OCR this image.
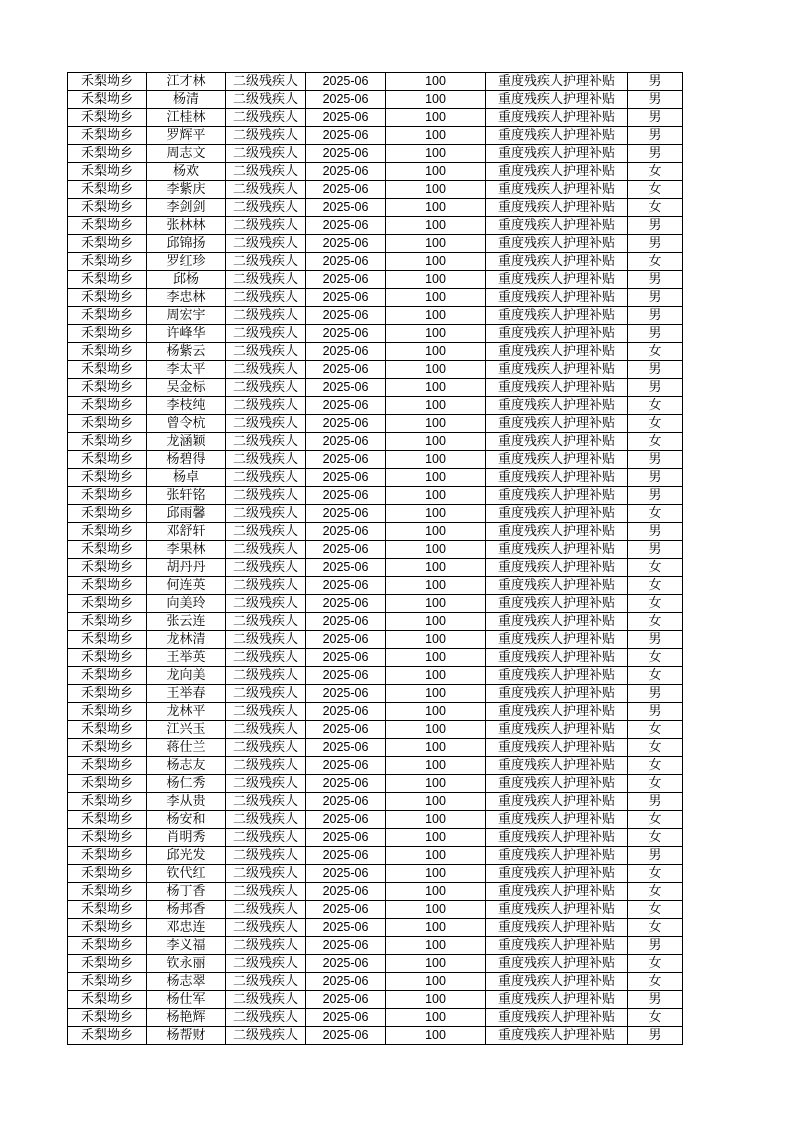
禾梨坳乡	江才林	二级残疾人	2025-06	100	重度残疾人护理补贴	男
禾梨坳乡	杨清	二级残疾人	2025-06	100	重度残疾人护理补贴	男
禾梨坳乡	江桂林	二级残疾人	2025-06	100	重度残疾人护理补贴	男
禾梨坳乡	罗辉平	二级残疾人	2025-06	100	重度残疾人护理补贴	男
禾梨坳乡	周志文	二级残疾人	2025-06	100	重度残疾人护理补贴	男
禾梨坳乡	杨欢	二级残疾人	2025-06	100	重度残疾人护理补贴	女
禾梨坳乡	李紫庆	二级残疾人	2025-06	100	重度残疾人护理补贴	女
禾梨坳乡	李剑剑	二级残疾人	2025-06	100	重度残疾人护理补贴	女
禾梨坳乡	张林林	二级残疾人	2025-06	100	重度残疾人护理补贴	男
禾梨坳乡	邱锦扬	二级残疾人	2025-06	100	重度残疾人护理补贴	男
禾梨坳乡	罗红珍	二级残疾人	2025-06	100	重度残疾人护理补贴	女
禾梨坳乡	邱杨	二级残疾人	2025-06	100	重度残疾人护理补贴	男
禾梨坳乡	李忠林	二级残疾人	2025-06	100	重度残疾人护理补贴	男
禾梨坳乡	周宏宇	二级残疾人	2025-06	100	重度残疾人护理补贴	男
禾梨坳乡	许峰华	二级残疾人	2025-06	100	重度残疾人护理补贴	男
禾梨坳乡	杨紫云	二级残疾人	2025-06	100	重度残疾人护理补贴	女
禾梨坳乡	李太平	二级残疾人	2025-06	100	重度残疾人护理补贴	男
禾梨坳乡	吴金标	二级残疾人	2025-06	100	重度残疾人护理补贴	男
禾梨坳乡	李枝纯	二级残疾人	2025-06	100	重度残疾人护理补贴	女
禾梨坳乡	曾令杭	二级残疾人	2025-06	100	重度残疾人护理补贴	女
禾梨坳乡	龙涵颖	二级残疾人	2025-06	100	重度残疾人护理补贴	女
禾梨坳乡	杨碧得	二级残疾人	2025-06	100	重度残疾人护理补贴	男
禾梨坳乡	杨卓	二级残疾人	2025-06	100	重度残疾人护理补贴	男
禾梨坳乡	张轩铭	二级残疾人	2025-06	100	重度残疾人护理补贴	男
禾梨坳乡	邱雨馨	二级残疾人	2025-06	100	重度残疾人护理补贴	女
禾梨坳乡	邓舒轩	二级残疾人	2025-06	100	重度残疾人护理补贴	男
禾梨坳乡	李果林	二级残疾人	2025-06	100	重度残疾人护理补贴	男
禾梨坳乡	胡丹丹	二级残疾人	2025-06	100	重度残疾人护理补贴	女
禾梨坳乡	何连英	二级残疾人	2025-06	100	重度残疾人护理补贴	女
禾梨坳乡	向美玲	二级残疾人	2025-06	100	重度残疾人护理补贴	女
禾梨坳乡	张云连	二级残疾人	2025-06	100	重度残疾人护理补贴	女
禾梨坳乡	龙林清	二级残疾人	2025-06	100	重度残疾人护理补贴	男
禾梨坳乡	王举英	二级残疾人	2025-06	100	重度残疾人护理补贴	女
禾梨坳乡	龙向美	二级残疾人	2025-06	100	重度残疾人护理补贴	女
禾梨坳乡	王举春	二级残疾人	2025-06	100	重度残疾人护理补贴	男
禾梨坳乡	龙林平	二级残疾人	2025-06	100	重度残疾人护理补贴	男
禾梨坳乡	江兴玉	二级残疾人	2025-06	100	重度残疾人护理补贴	女
禾梨坳乡	蒋仕兰	二级残疾人	2025-06	100	重度残疾人护理补贴	女
禾梨坳乡	杨志友	二级残疾人	2025-06	100	重度残疾人护理补贴	女
禾梨坳乡	杨仁秀	二级残疾人	2025-06	100	重度残疾人护理补贴	女
禾梨坳乡	李从贵	二级残疾人	2025-06	100	重度残疾人护理补贴	男
禾梨坳乡	杨安和	二级残疾人	2025-06	100	重度残疾人护理补贴	女
禾梨坳乡	肖明秀	二级残疾人	2025-06	100	重度残疾人护理补贴	女
禾梨坳乡	邱光发	二级残疾人	2025-06	100	重度残疾人护理补贴	男
禾梨坳乡	钦代红	二级残疾人	2025-06	100	重度残疾人护理补贴	女
禾梨坳乡	杨丁香	二级残疾人	2025-06	100	重度残疾人护理补贴	女
禾梨坳乡	杨邦香	二级残疾人	2025-06	100	重度残疾人护理补贴	女
禾梨坳乡	邓忠连	二级残疾人	2025-06	100	重度残疾人护理补贴	女
禾梨坳乡	李义福	二级残疾人	2025-06	100	重度残疾人护理补贴	男
禾梨坳乡	钦永丽	二级残疾人	2025-06	100	重度残疾人护理补贴	女
禾梨坳乡	杨志翠	二级残疾人	2025-06	100	重度残疾人护理补贴	女
禾梨坳乡	杨仕军	二级残疾人	2025-06	100	重度残疾人护理补贴	男
禾梨坳乡	杨艳辉	二级残疾人	2025-06	100	重度残疾人护理补贴	女
禾梨坳乡	杨帮财	二级残疾人	2025-06	100	重度残疾人护理补贴	男
